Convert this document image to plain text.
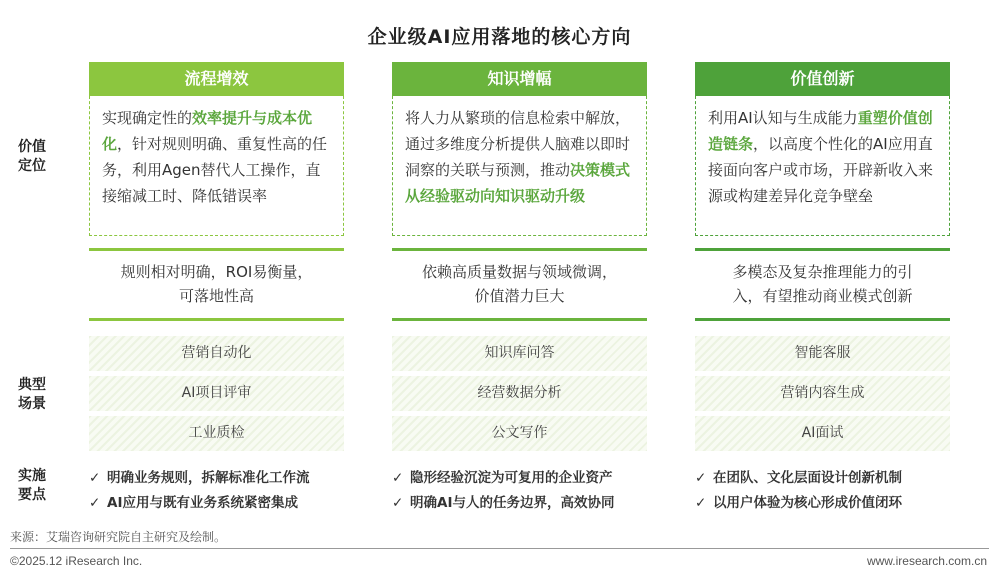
企业级AI应用落地的核心方向
价值
定位
典型
场景
实施
要点
流程增效
实现确定性的效率提升与成本优化，针对规则明确、重复性高的任务，利用Agen替代人工操作，直接缩减工时、降低错误率
规则相对明确，ROI易衡量，
可落地性高
营销自动化
AI项目评审
工业质检
✓ 明确业务规则，拆解标准化工作流
✓ AI应用与既有业务系统紧密集成
知识增幅
将人力从繁琐的信息检索中解放，通过多维度分析提供人脑难以即时洞察的关联与预测，推动决策模式从经验驱动向知识驱动升级
依赖高质量数据与领域微调，
价值潜力巨大
知识库问答
经营数据分析
公文写作
✓ 隐形经验沉淀为可复用的企业资产
✓ 明确AI与人的任务边界，高效协同
价值创新
利用AI认知与生成能力重塑价值创造链条，以高度个性化的AI应用直接面向客户或市场，开辟新收入来源或构建差异化竞争壁垒
多模态及复杂推理能力的引
入，有望推动商业模式创新
智能客服
营销内容生成
AI面试
✓ 在团队、文化层面设计创新机制
✓ 以用户体验为核心形成价值闭环
来源：艾瑞咨询研究院自主研究及绘制。
©2025.12 iResearch Inc.	www.iresearch.com.cn
